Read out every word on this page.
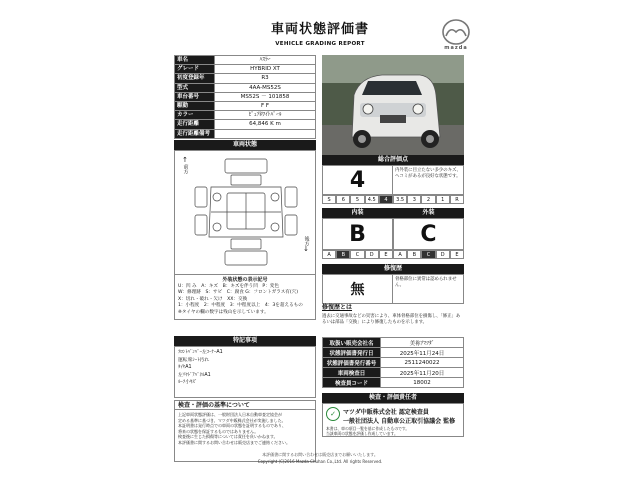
車両状態評価書
VEHICLE GRADING REPORT
mazda
車名	ﾊｽﾗｰ
グレード	HYBRID XT
初度登録年	R3
型式	4AA-MS52S
車台番号	MS52S － 101858
駆動	F F
カラー	ﾋﾟｭｱﾎﾜｲﾄﾊﾟｰﾙ
走行距離	64,846 K m
走行距離備考	
車両状態
↑
前方
後方
↓
外装状態の表示記号
U：凹 み　A：キズ　B：キズを伴う凹　P：変色
W：修理跡　S：サビ　C：腐食 G：フロントガラス有(穴)
X：切れ・破れ・欠け　XX：交換
1：小程度　2：中程度　3：中程度以上　4：3を超えるもの
※タイヤの欄の数字は残山を示しています。
特記事項
ﾌﾛﾝﾄﾊﾞﾝﾊﾟｰ左ｺｰﾅｰA1
運転席ｼｰﾄ汚れ
ﾀｲﾔA1
左ﾘﾔﾄﾞｱﾊﾟﾈﾙA1
ﾙｰﾌ小ｷｽﾞ
検査・評価の基準について
上記車両状態評価は、一般財団法人日本自動車査定協会が
定める基準に基づき、マツダ中販株式会社が実施しました。
本証明書は発行時点での車両の状態を証明するものであり、
将来の状態を保証するものではありません。
検査後に生じた損傷等については責任を負いかねます。
本評価書に関するお問い合わせは販売店までご連絡ください。
総合評価点
4	内外装に目立たない多少のキズ、ヘコミがあるが良好な状態です。
S	6	5	4.5	4	3.5	3	2	1	R
内装
B
外装
C
A	B	C	D	E	A	B	C	D	E
修復歴
無
骨格部位に異常は認められません。
修復歴とは
過去に交通事故などの災害により、車体骨格部位を損傷し、「修正」あるいは部品「交換」により修復したものを示します。
取扱い販売会社名	美祢ｱﾏﾂﾀﾞ
状態評価書発行日	2025年11月24日
状態評価書発行番号	2511240022
車両検査日	2025年11月20日
検査員コード	18002
検査・評価責任者
✓	マツダ中販株式会社 認定検査員
一般社団法人 自動車公正取引協議会 監修
本書は、車の項目一覧を基に作成したものです。
当該車両の状態を評価し作成しています。
本評価書に関するお問い合わせは販売店までお願いいたします。
Copyright (C)2016 Mazda Chuhan Co.,Ltd. All rights Reserved.
